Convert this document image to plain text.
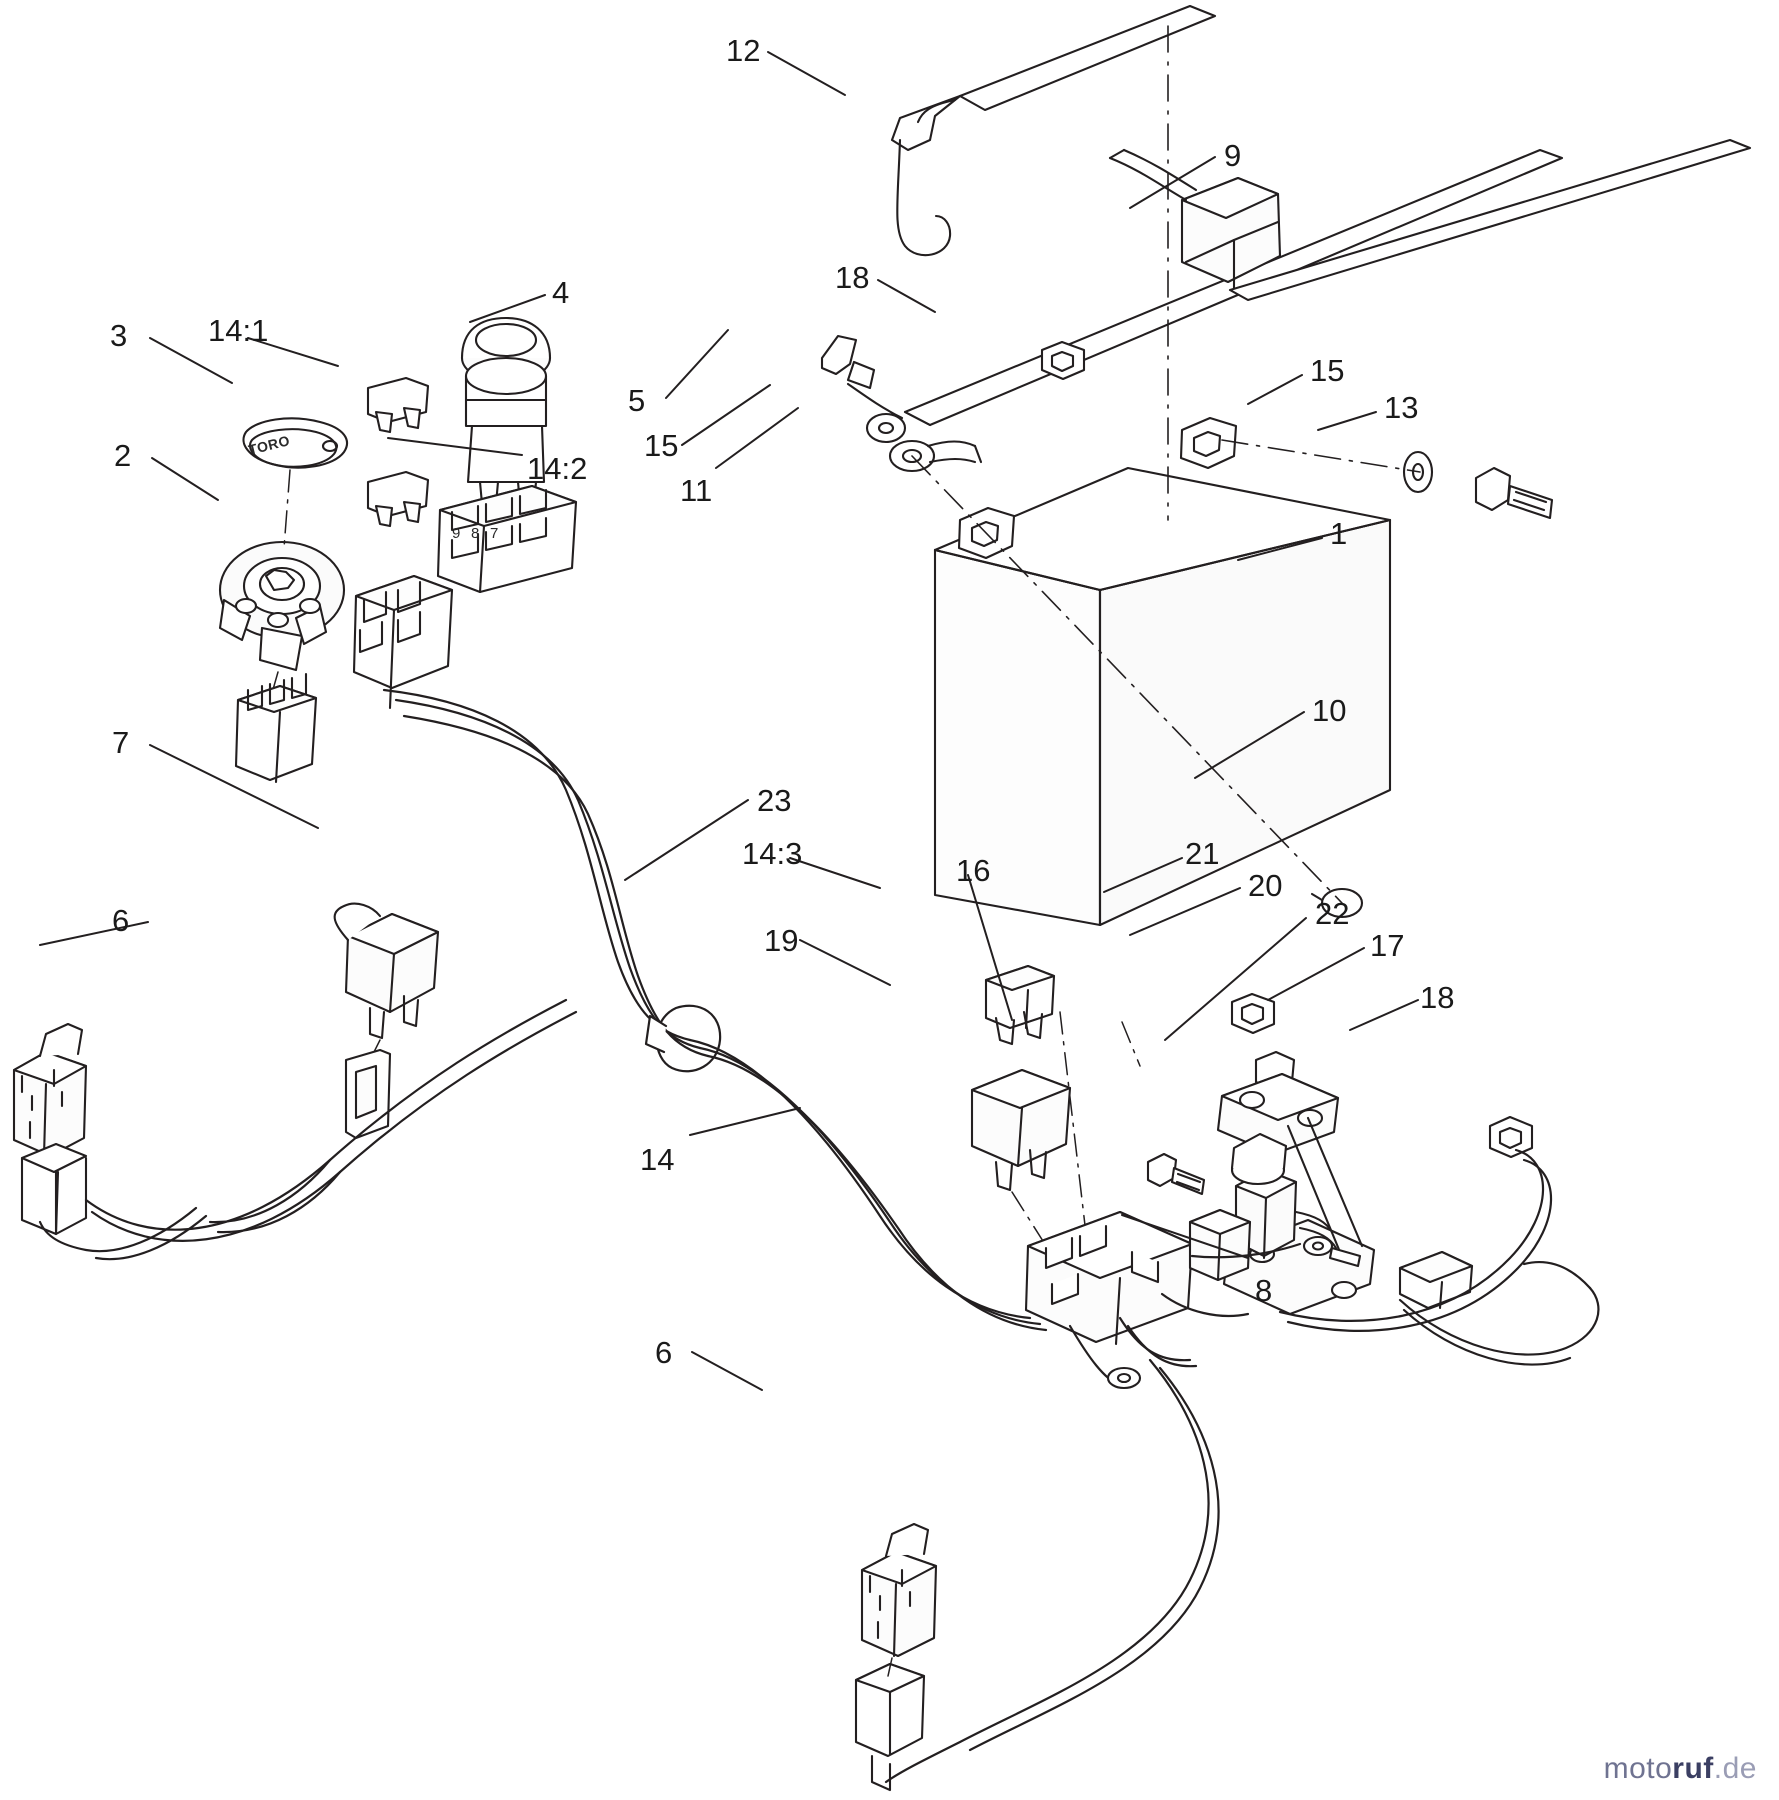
12
9
18
4
3	14:1
15
5	13
15
2	14:2
11
1
10
7
23
14:3	16	21
20
22
6
19	17
18
14
8
6
TORO
9 8 7
motoruf.de
